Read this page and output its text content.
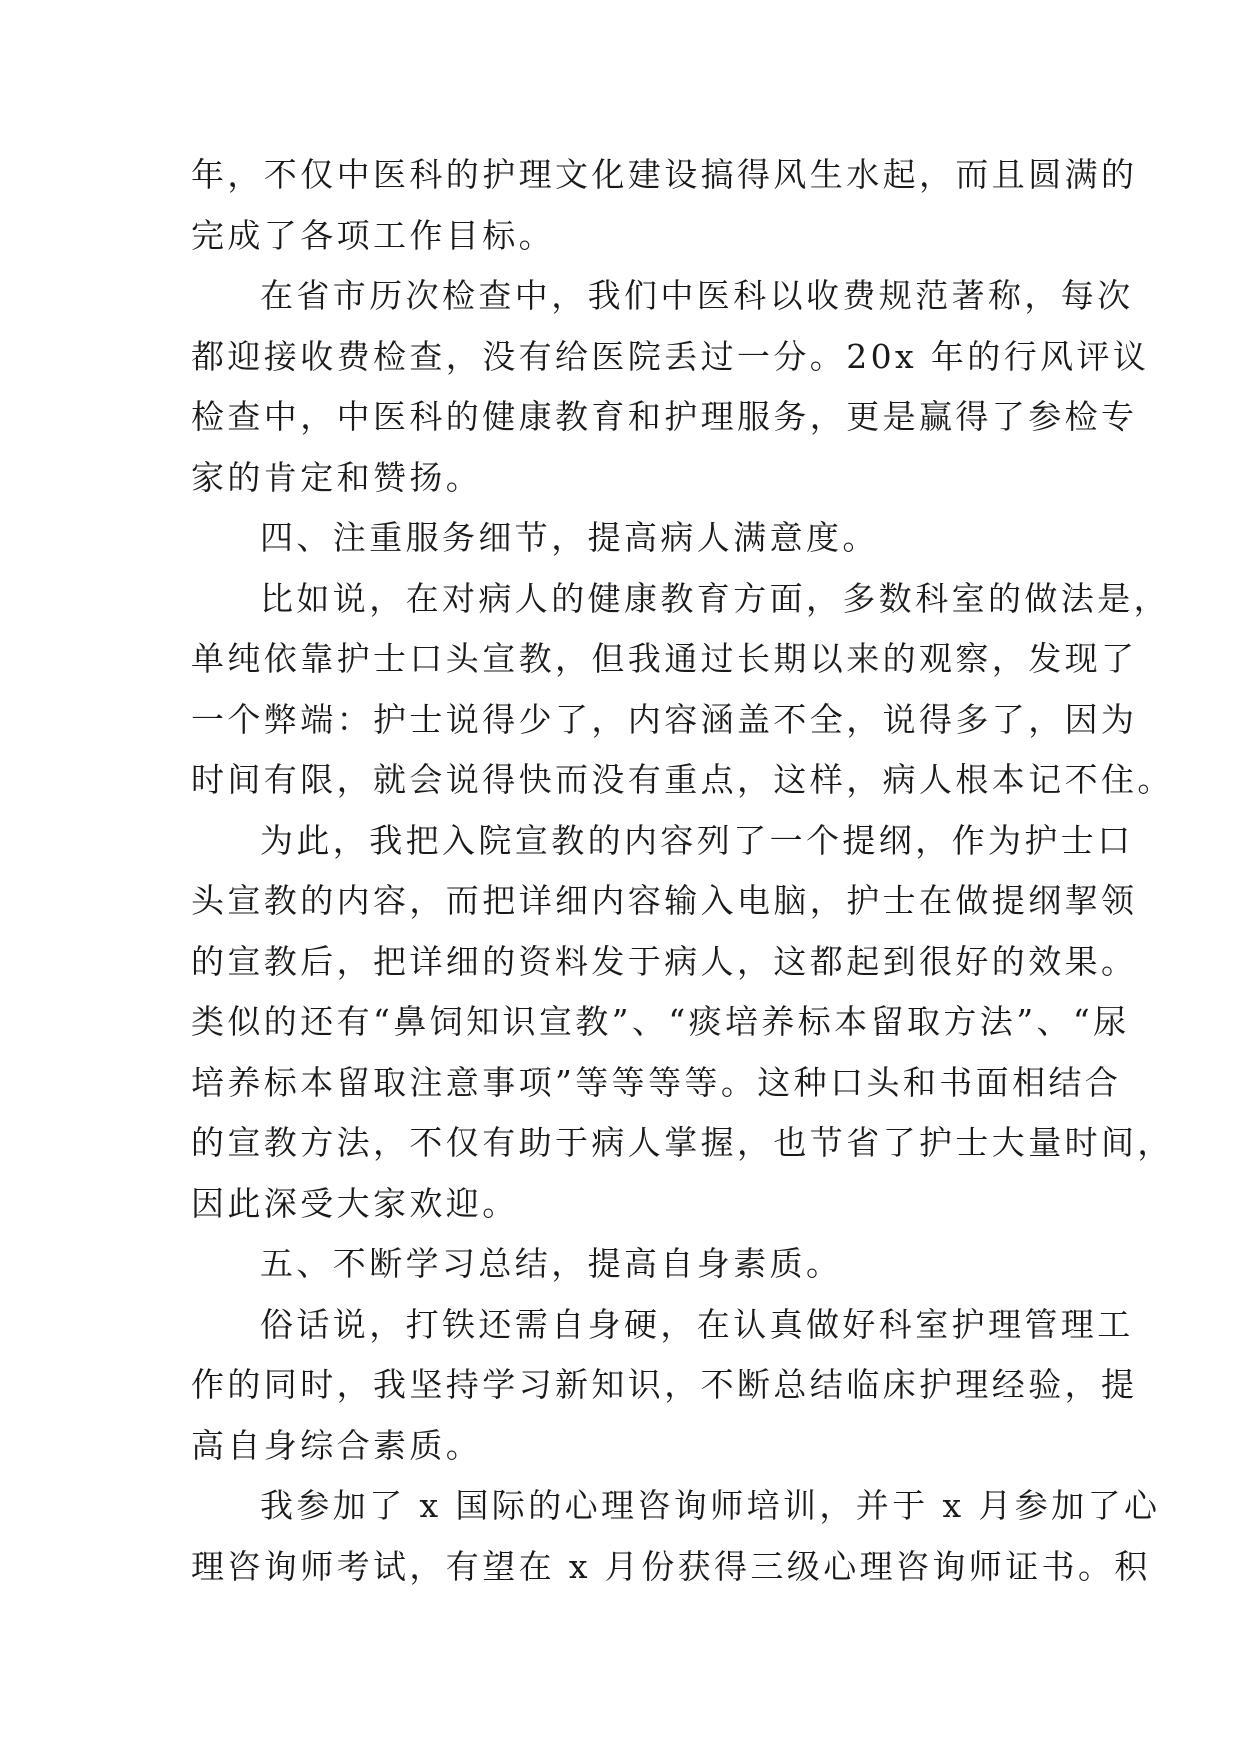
年，不仅中医科的护理文化建设搞得风生水起，而且圆满的
完成了各项工作目标。
在省市历次检查中，我们中医科以收费规范著称，每次
都迎接收费检查，没有给医院丢过一分。20x 年的行风评议
检查中，中医科的健康教育和护理服务，更是赢得了参检专
家的肯定和赞扬。
四、注重服务细节，提高病人满意度。
比如说，在对病人的健康教育方面，多数科室的做法是，
单纯依靠护士口头宣教，但我通过长期以来的观察，发现了
一个弊端：护士说得少了，内容涵盖不全，说得多了，因为
时间有限，就会说得快而没有重点，这样，病人根本记不住。
为此，我把入院宣教的内容列了一个提纲，作为护士口
头宣教的内容，而把详细内容输入电脑，护士在做提纲挈领
的宣教后，把详细的资料发于病人，这都起到很好的效果。
类似的还有“鼻饲知识宣教”、“痰培养标本留取方法”、“尿
培养标本留取注意事项”等等等等。这种口头和书面相结合
的宣教方法，不仅有助于病人掌握，也节省了护士大量时间，
因此深受大家欢迎。
五、不断学习总结，提高自身素质。
俗话说，打铁还需自身硬，在认真做好科室护理管理工
作的同时，我坚持学习新知识，不断总结临床护理经验，提
高自身综合素质。
我参加了 x 国际的心理咨询师培训，并于 x 月参加了心
理咨询师考试，有望在 x 月份获得三级心理咨询师证书。积
